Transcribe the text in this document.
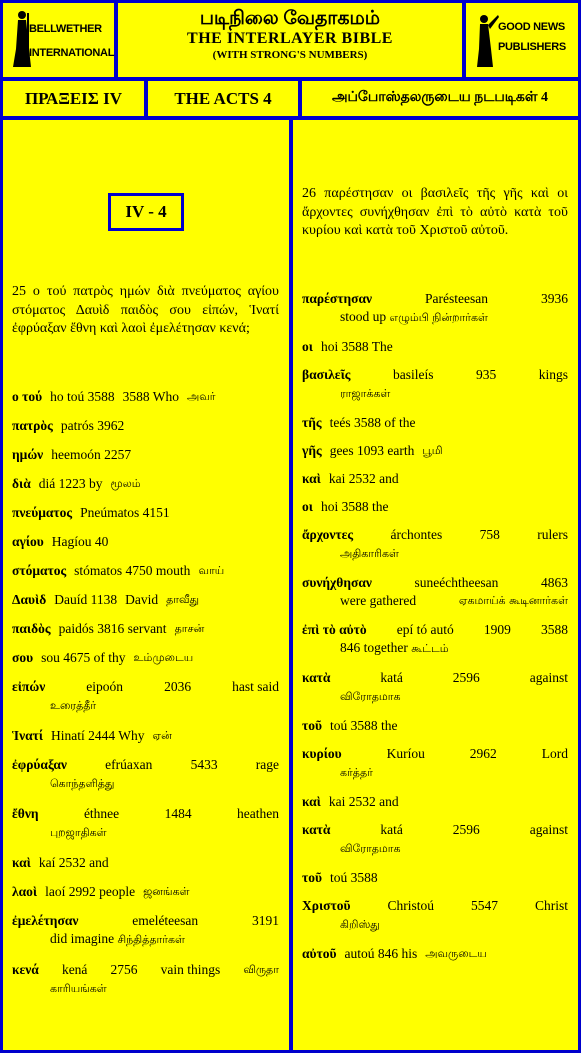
BELLWETHER
INTERNATIONAL
படிநிலை வேதாகமம்
THE INTERLAYER BIBLE
(WITH STRONG'S NUMBERS)
GOOD NEWS
PUBLISHERS
ΠΡΑΞΕΙΣ IV	THE ACTS 4	அப்போஸ்தலருடைய நடபடிகள் 4
IV - 4
25 ο τού πατρὸς ημών διὰ πνεύματος αγίου στόματος Δαυὶδ παιδὸς σου εἰπών, Ἱνατί ἐφρύαξαν ἔθνη καὶ λαοὶ ἐμελέτησαν κενά;
ο τού ho toú 3588 3588 Who அவர்
πατρὸς patrós 3962
ημών heemoón 2257
διὰ diá 1223 by மூலம்
πνεύματος Pneúmatos 4151
αγίου Hagíou 40
στόματος stómatos 4750 mouth வாய்
Δαυὶδ Dauíd 1138 David தாவீது
παιδὸς paidós 3816 servant தாசன்
σου sou 4675 of thy உம்முடைய
εἰπών	eipoón	2036	hast said
உரைத்தீர்
Ἱνατί Hinatí 2444 Why ஏன்
ἐφρύαξαν	efrúaxan	5433	rage
கொந்தளித்து
ἔθνη	éthnee	1484	heathen
புறஜாதிகள்
καὶ kaí 2532 and
λαοὶ laoí 2992 people ஜனங்கள்
ἐμελέτησαν	emeléteesan	3191
did imagine சிந்தித்தார்கள்
κενά kená 2756 vain things விருதா
காரியங்கள்
26 παρέστησαν οι βασιλεῖς τῆς γῆς καὶ οι ἄρχοντες συνήχθησαν ἐπὶ τὸ αὐτὸ κατὰ τοῦ κυρίου καὶ κατὰ τοῦ Χριστοῦ αὐτοῦ.
παρέστησαν	Parésteesan	3936
stood up எழும்பி நின்றார்கள்
οι hoi 3588 The
βασιλεῖς	basileís	935	kings
ராஜாக்கள்
τῆς teés 3588 of the
γῆς gees 1093 earth பூமி
καὶ kai 2532 and
οι hoi 3588 the
ἄρχοντες	árchontes	758	rulers
அதிகாரிகள்
συνήχθησαν	suneéchtheesan	4863
were gathered	ஏகமாய்க் கூடினார்கள்
ἐπὶ τὸ αὐτὸ epí tó autó 1909 3588
846 together கூட்டம்
κατὰ	katá	2596	against
விரோதமாக
τοῦ toú 3588 the
κυρίου	Kuríou	2962	Lord
கர்த்தர்
καὶ kai 2532 and
κατὰ	katá	2596	against
விரோதமாக
τοῦ toú 3588
Χριστοῦ	Christoú	5547	Christ
கிறிஸ்து
αὐτοῦ autoú 846 his அவருடைய
